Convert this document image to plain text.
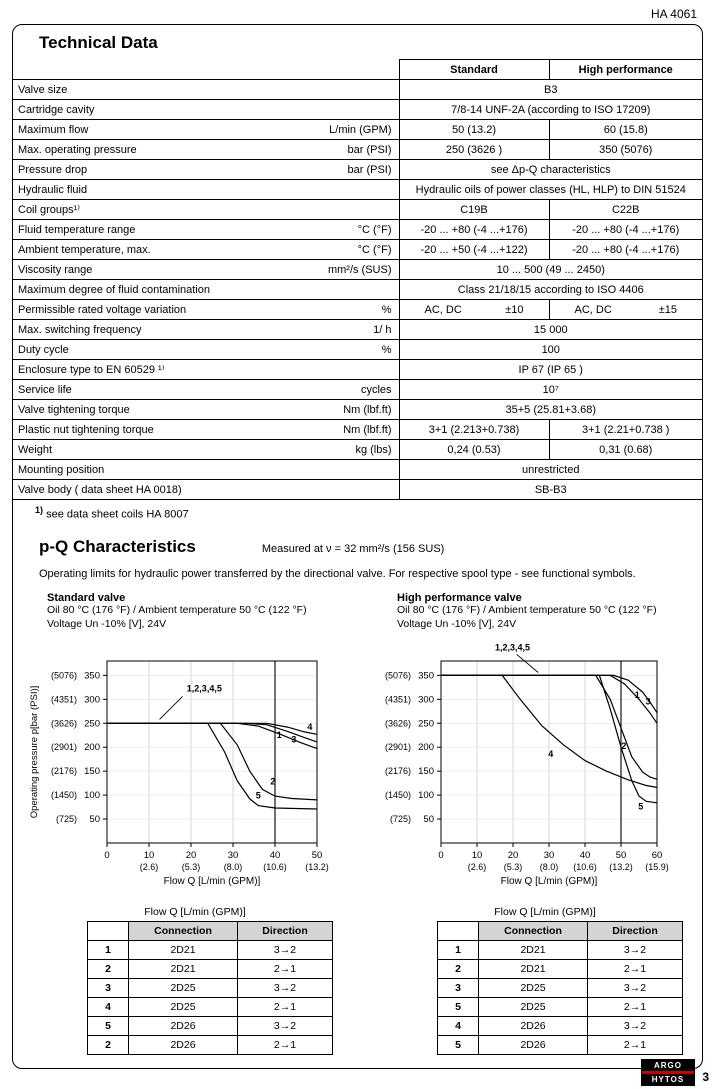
HA 4061
Technical Data
	Standard	High performance

Valve size	B3	

Cartridge cavity	7/8-14 UNF-2A (according to ISO 17209)	

Maximum flow L/min (GPM)	50 (13.2)	60 (15.8)

Max. operating pressure bar (PSI)	250 (3626 )	350 (5076)

Pressure drop bar (PSI)	see Δp-Q characteristics	

Hydraulic fluid	Hydraulic oils of power classes (HL, HLP) to DIN 51524	

Coil groups¹⁾	C19B	C22B

Fluid temperature range °C (°F)	-20 ... +80 (-4 ...+176)	-20 ... +80 (-4 ...+176)

Ambient temperature, max. °C (°F)	-20 ... +50 (-4 ...+122)	-20 ... +80 (-4 ...+176)

Viscosity range mm²/s (SUS)	10 ... 500 (49 ... 2450)	

Maximum degree of fluid contamination	Class 21/18/15 according to ISO 4406	

Permissible rated voltage variation %	AC, DC ±10	AC, DC ±15

Max. switching frequency 1/ h	15 000	

Duty cycle %	100	

Enclosure type to EN 60529 ¹⁾	IP 67 (IP 65 )	

Service life cycles	10⁷	

Valve tightening torque Nm (lbf.ft)	35+5 (25.81+3.68)	

Plastic nut tightening torque Nm (lbf.ft)	3+1 (2.213+0.738)	3+1 (2.21+0.738 )

Weight kg (lbs)	0,24 (0.53)	0,31 (0.68)

Mounting position	unrestricted	

Valve body ( data sheet HA 0018)	SB-B3	
$^{1)}$ see data sheet coils HA 8007
p-Q Characteristics	Measured at ν = 32 mm²/s (156 SUS)

Operating limits for hydraulic power transferred by the directional valve. For respective spool type - see functional symbols.

Standard valve
Oil 80 °C (176 °F) / Ambient temperature 50 °C (122 °F)
Voltage Un -10% [V], 24V
(5076) 350
(4351) 300
(3626) 250
(2901) 200
(2176) 150
(1450) 100
(725) 50
0	10
(2.6)
20
(5.3)
30
(8.0)
40
(10.6)
50
(13.2)
Flow Q [L/min (GPM)]
Operating pressure p[bar (PSI)]	1 3
4
2
5
1,2,3,4,5
Flow Q [L/min (GPM)]
	Connection	Direction
1	2D21	3→2
2	2D21	2→1
3	2D25	3→2
4	2D25	2→1
5	2D26	3→2
2	2D26	2→1
High performance valve
Oil 80 °C (176 °F) / Ambient temperature 50 °C (122 °F)
Voltage Un -10% [V], 24V
(5076) 350
(4351) 300
(3626) 250
(2901) 200
(2176) 150
(1450) 100
(725) 50
0	10
(2.6)
20
(5.3)
30
(8.0)
40
(10.6)
50
(13.2)
60
(15.9)
Flow Q [L/min (GPM)]
1
3
2
4
5
1,2,3,4,5
Flow Q [L/min (GPM)]
	Connection	Direction
1	2D21	3→2
2	2D21	2→1
3	2D25	3→2
5	2D25	2→1
4	2D26	3→2
5	2D26	2→1
ARGO
HYTOS	3
